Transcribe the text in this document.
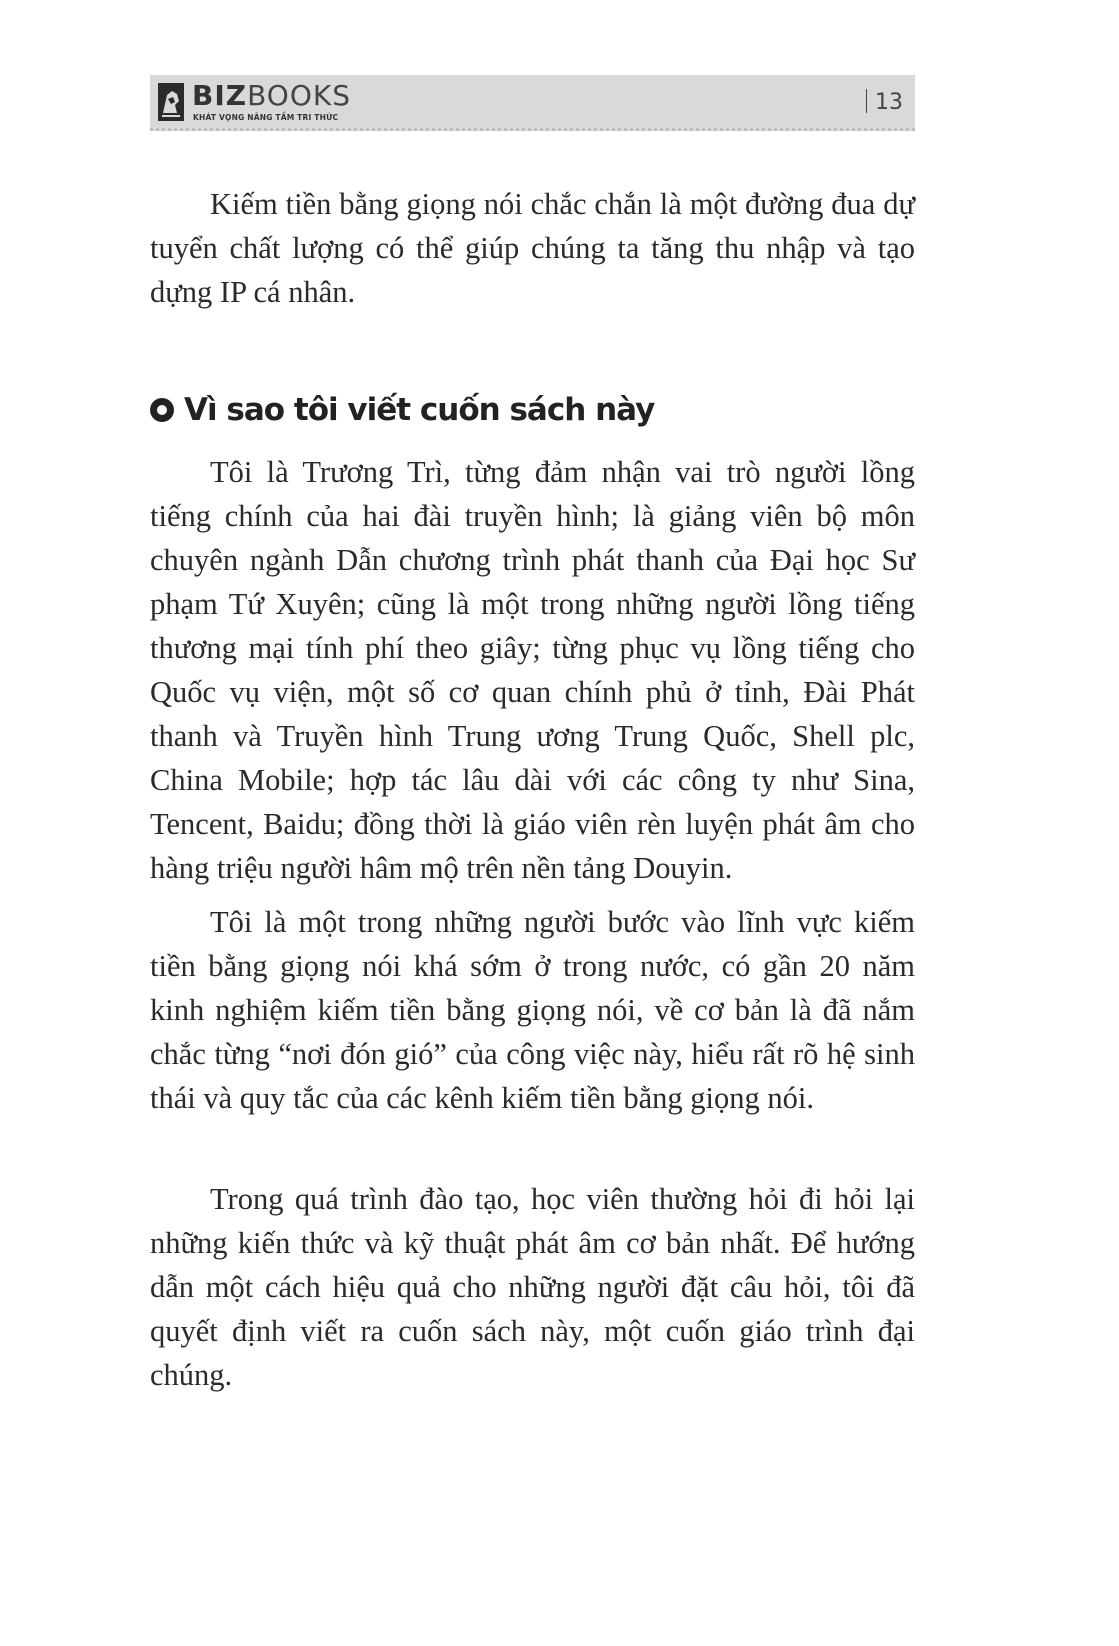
BIZBOOKS
KHÁT VỌNG NÂNG TẦM TRI THỨC
13

Kiếm tiền bằng giọng nói chắc chắn là một đường đua dự tuyển chất lượng có thể giúp chúng ta tăng thu nhập và tạo dựng IP cá nhân.

Vì sao tôi viết cuốn sách này

Tôi là Trương Trì, từng đảm nhận vai trò người lồng tiếng chính của hai đài truyền hình; là giảng viên bộ môn chuyên ngành Dẫn chương trình phát thanh của Đại học Sư phạm Tứ Xuyên; cũng là một trong những người lồng tiếng thương mại tính phí theo giây; từng phục vụ lồng tiếng cho Quốc vụ viện, một số cơ quan chính phủ ở tỉnh, Đài Phát thanh và Truyền hình Trung ương Trung Quốc, Shell plc, China Mobile; hợp tác lâu dài với các công ty như Sina, Tencent, Baidu; đồng thời là giáo viên rèn luyện phát âm cho hàng triệu người hâm mộ trên nền tảng Douyin.

Tôi là một trong những người bước vào lĩnh vực kiếm tiền bằng giọng nói khá sớm ở trong nước, có gần 20 năm kinh nghiệm kiếm tiền bằng giọng nói, về cơ bản là đã nắm chắc từng “nơi đón gió” của công việc này, hiểu rất rõ hệ sinh thái và quy tắc của các kênh kiếm tiền bằng giọng nói.

Trong quá trình đào tạo, học viên thường hỏi đi hỏi lại những kiến thức và kỹ thuật phát âm cơ bản nhất. Để hướng dẫn một cách hiệu quả cho những người đặt câu hỏi, tôi đã quyết định viết ra cuốn sách này, một cuốn giáo trình đại chúng.
